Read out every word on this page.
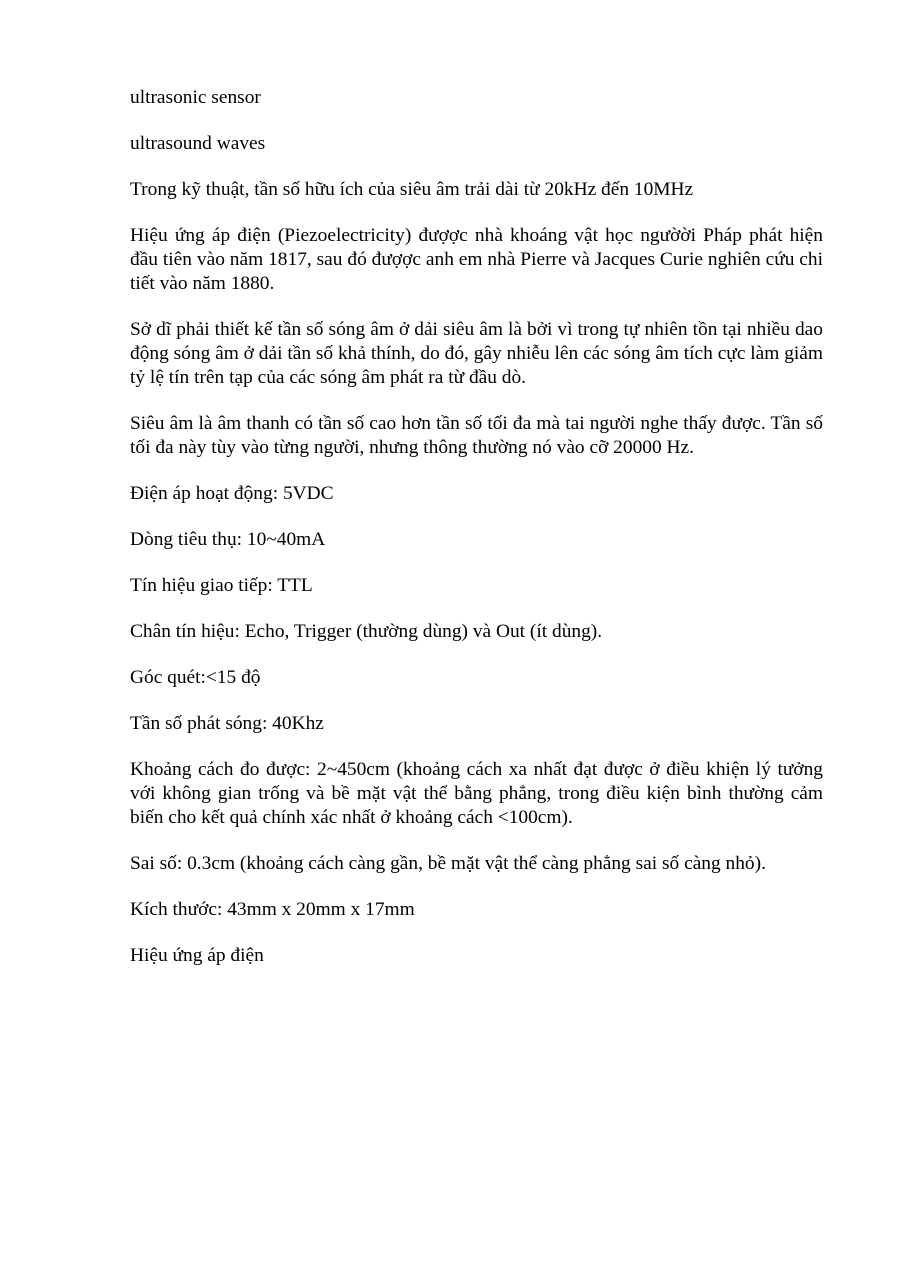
ultrasonic sensor

ultrasound waves

Trong kỹ thuật, tần số hữu ích của siêu âm trải dài từ 20kHz đến 10MHz

Hiệu ứng áp điện (Piezoelectricity) đượợc nhà khoáng vật học ngườời Pháp phát hiện đầu tiên vào năm 1817, sau đó đượợc anh em nhà Pierre và Jacques Curie nghiên cứu chi tiết vào năm 1880.

Sở dĩ phải thiết kế tần số sóng âm ở dải siêu âm là bởi vì trong tự nhiên tồn tại nhiều dao động sóng âm ở dải tần số khả thính, do đó, gây nhiễu lên các sóng âm tích cực làm giảm tỷ lệ tín trên tạp của các sóng âm phát ra từ đầu dò.

Siêu âm là âm thanh có tần số cao hơn tần số tối đa mà tai người nghe thấy được. Tần số tối đa này tùy vào từng người, nhưng thông thường nó vào cỡ 20000 Hz.

Điện áp hoạt động: 5VDC

Dòng tiêu thụ: 10~40mA

Tín hiệu giao tiếp: TTL

Chân tín hiệu: Echo, Trigger (thường dùng) và Out (ít dùng).

Góc quét:<15 độ

Tần số phát sóng: 40Khz

Khoảng cách đo được: 2~450cm (khoảng cách xa nhất đạt được ở điều khiện lý tưởng với không gian trống và bề mặt vật thể bằng phẳng, trong điều kiện bình thường cảm biến cho kết quả chính xác nhất ở khoảng cách <100cm).

Sai số: 0.3cm (khoảng cách càng gần, bề mặt vật thể càng phẳng sai số càng nhỏ).

Kích thước: 43mm x 20mm x 17mm

Hiệu ứng áp điện
